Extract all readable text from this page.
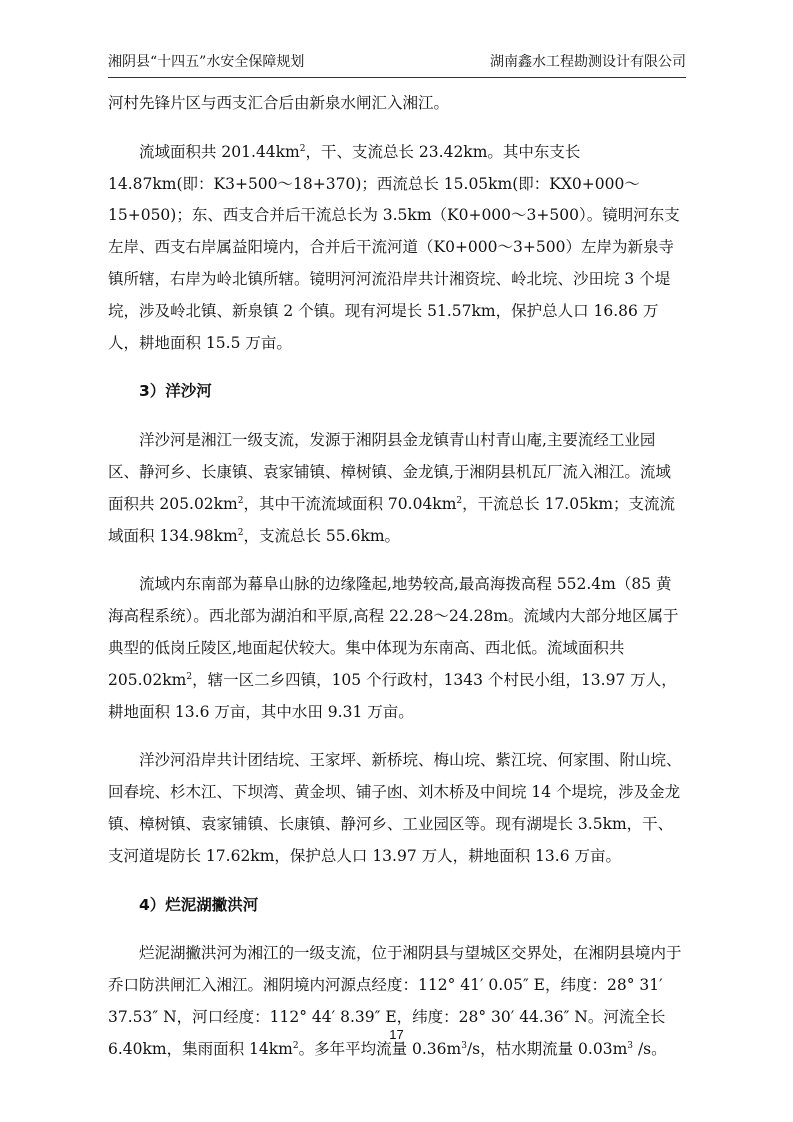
湘阴县“十四五”水安全保障规划	湖南鑫水工程勘测设计有限公司

河村先锋片区与西支汇合后由新泉水闸汇入湘江。

流域面积共 $201.44km^2$，干、支流总长 23.42km。其中东支长 14.87km(即：K3+500～18+370)；西流总长 15.05km(即：KX0+000～15+050)；东、西支合并后干流总长为 3.5km（K0+000～3+500）。镜明河东支左岸、西支右岸属益阳境内，合并后干流河道（K0+000～3+500）左岸为新泉寺镇所辖，右岸为岭北镇所辖。镜明河河流沿岸共计湘资垸、岭北垸、沙田垸 3 个堤垸，涉及岭北镇、新泉镇 2 个镇。现有河堤长 51.57km，保护总人口 16.86 万人，耕地面积 15.5 万亩。

3）洋沙河

洋沙河是湘江一级支流，发源于湘阴县金龙镇青山村青山庵,主要流经工业园区、静河乡、长康镇、袁家铺镇、樟树镇、金龙镇,于湘阴县机瓦厂流入湘江。流域面积共 $205.02km^2$，其中干流流域面积 $70.04km^2$，干流总长 17.05km；支流流域面积 $134.98km^2$，支流总长 55.6km。

流域内东南部为幕阜山脉的边缘隆起,地势较高,最高海拨高程 552.4m（85 黄海高程系统）。西北部为湖泊和平原,高程 22.28～24.28m。流域内大部分地区属于典型的低岗丘陵区,地面起伏较大。集中体现为东南高、西北低。流域面积共 $205.02km^2$，辖一区二乡四镇，105 个行政村，1343 个村民小组，13.97 万人，耕地面积 13.6 万亩，其中水田 9.31 万亩。

洋沙河沿岸共计团结垸、王家坪、新桥垸、梅山垸、紫江垸、何家围、附山垸、回春垸、杉木江、下坝湾、黄金坝、铺子凼、刘木桥及中间垸 14 个堤垸，涉及金龙镇、樟树镇、袁家铺镇、长康镇、静河乡、工业园区等。现有湖堤长 3.5km，干、支河道堤防长 17.62km，保护总人口 13.97 万人，耕地面积 13.6 万亩。

4）烂泥湖撇洪河

烂泥湖撇洪河为湘江的一级支流，位于湘阴县与望城区交界处，在湘阴县境内于乔口防洪闸汇入湘江。湘阴境内河源点经度：112° 41′ 0.05″ E，纬度：28° 31′ 37.53″ N，河口经度：112° 44′ 8.39″ E，纬度：28° 30′ 44.36″ N。河流全长 6.40km，集雨面积 $14km^2$。多年平均流量 $0.36m^3/s$，枯水期流量 $0.03m^3$ /s。

17
